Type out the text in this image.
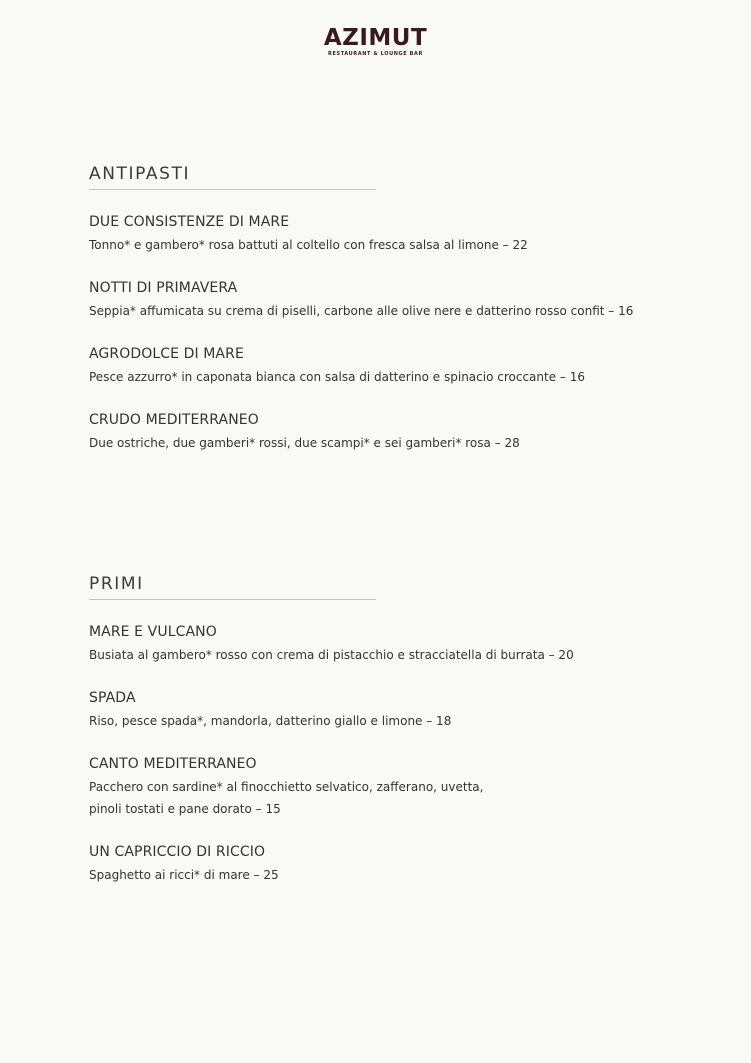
AZIMUT
RESTAURANT & LOUNGE BAR
ANTIPASTI

DUE CONSISTENZE DI MARE

Tonno* e gambero* rosa battuti al coltello con fresca salsa al limone – 22

NOTTI DI PRIMAVERA

Seppia* affumicata su crema di piselli, carbone alle olive nere e datterino rosso confit – 16

AGRODOLCE DI MARE

Pesce azzurro* in caponata bianca con salsa di datterino e spinacio croccante – 16

CRUDO MEDITERRANEO

Due ostriche, due gamberi* rossi, due scampi* e sei gamberi* rosa – 28

PRIMI

MARE E VULCANO

Busiata al gambero* rosso con crema di pistacchio e stracciatella di burrata – 20

SPADA

Riso, pesce spada*, mandorla, datterino giallo e limone – 18

CANTO MEDITERRANEO

Pacchero con sardine* al finocchietto selvatico, zafferano, uvetta,
pinoli tostati e pane dorato – 15

UN CAPRICCIO DI RICCIO

Spaghetto ai ricci* di mare – 25
